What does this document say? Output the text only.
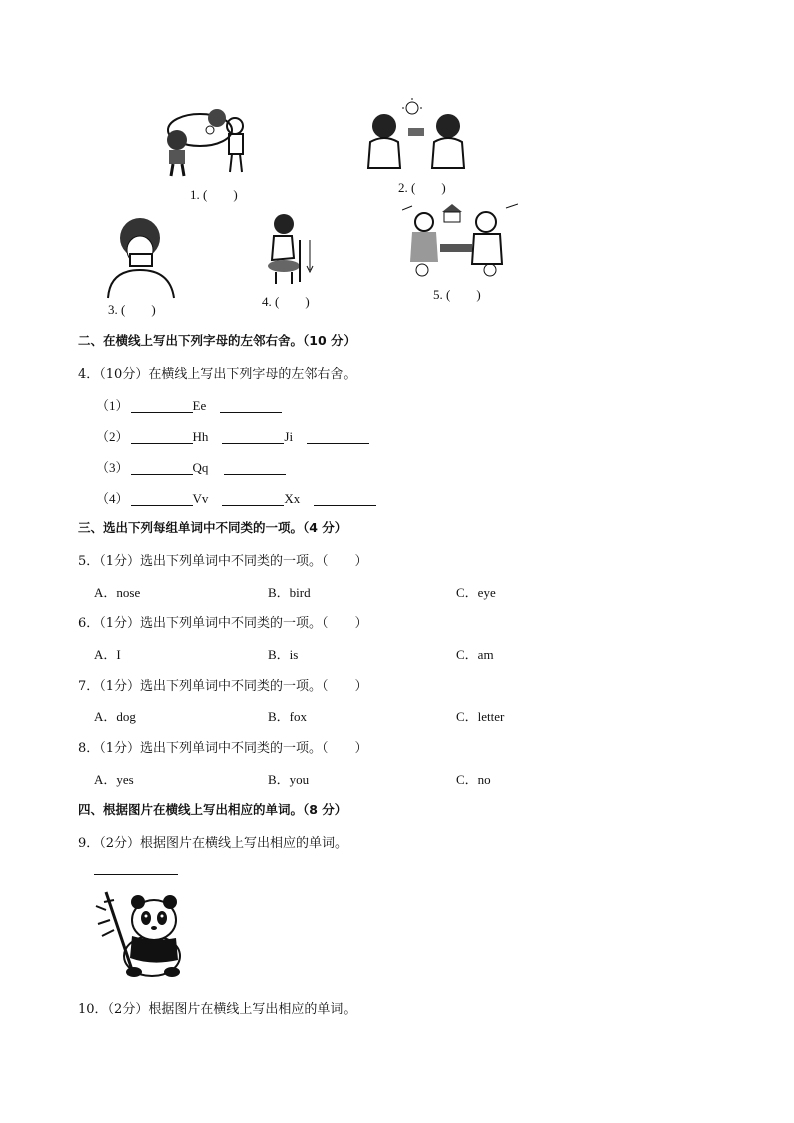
1. (        )	2. (        )
3. (        )
4. (        )	5. (        )
二、在横线上写出下列字母的左邻右舍。（10 分）
4．（10分）在横线上写出下列字母的左邻右舍。
（1）	Ee
（2）	Hh	Ji
（3）	Qq
（4）	Vv	Xx
三、选出下列每组单词中不同类的一项。（4 分）
5．（1分）选出下列单词中不同类的一项。（　　）
A．nose	B．bird	C．eye
6．（1分）选出下列单词中不同类的一项。（　　）
A．I	B．is	C．am
7．（1分）选出下列单词中不同类的一项。（　　）
A．dog	B．fox	C．letter
8．（1分）选出下列单词中不同类的一项。（　　）
A．yes	B．you	C．no
四、根据图片在横线上写出相应的单词。（8 分）
9．（2分）根据图片在横线上写出相应的单词。
10．（2分）根据图片在横线上写出相应的单词。
